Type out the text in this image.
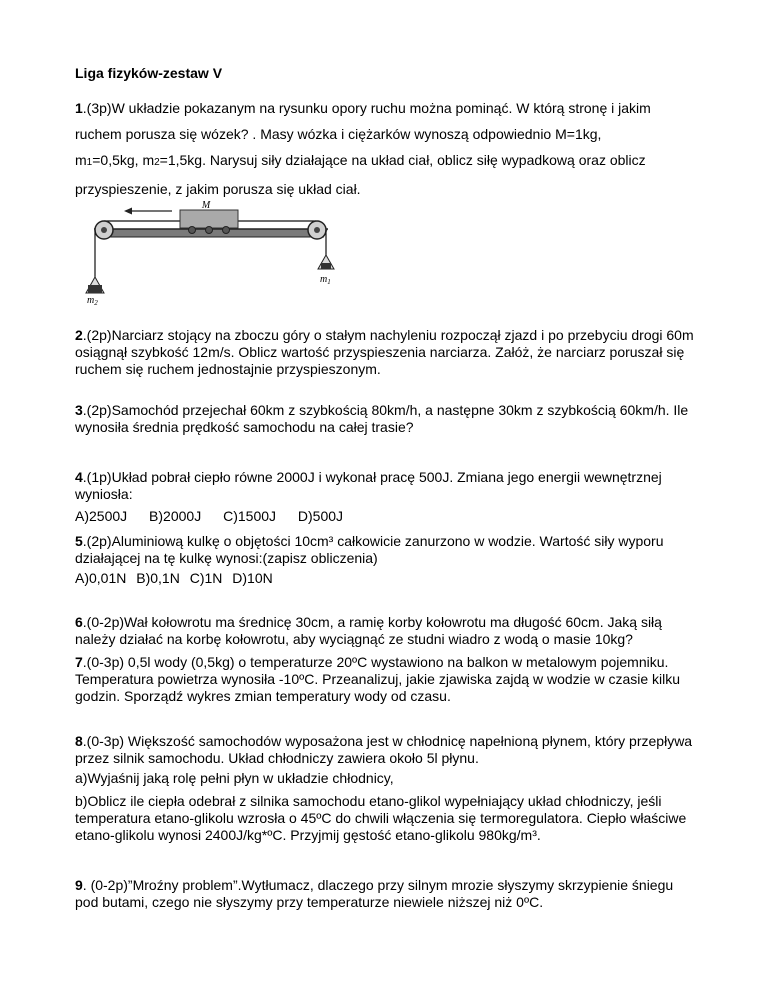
Liga fizyków-zestaw V
1.(3p)W układzie pokazanym na rysunku opory ruchu można pominąć. W którą stronę i jakim
ruchem porusza się wózek? . Masy wózka i ciężarków wynoszą odpowiednio M=1kg,
m1=0,5kg, m2=1,5kg. Narysuj siły działające na układ ciał, oblicz siłę wypadkową oraz oblicz
przyspieszenie, z jakim porusza się układ ciał.
M
$m_1$
$m_2$
2.(2p)Narciarz stojący na zboczu góry o stałym nachyleniu rozpoczął zjazd i po przebyciu drogi 60m osiągnął szybkość 12m/s. Oblicz wartość przyspieszenia narciarza. Załóż, że narciarz poruszał się ruchem się ruchem jednostajnie przyspieszonym.
3.(2p)Samochód przejechał 60km z szybkością 80km/h, a następne 30km z szybkością 60km/h. Ile wynosiła średnia prędkość samochodu na całej trasie?
4.(1p)Układ pobrał ciepło równe 2000J i wykonał pracę 500J. Zmiana jego energii wewnętrznej wyniosła:
A)2500J B)2000J C)1500J D)500J
5.(2p)Aluminiową kulkę o objętości 10cm³ całkowicie zanurzono w wodzie. Wartość siły wyporu działającej na tę kulkę wynosi:(zapisz obliczenia)
A)0,01N B)0,1N C)1N D)10N
6.(0-2p)Wał kołowrotu ma średnicę 30cm, a ramię korby kołowrotu ma długość 60cm. Jaką siłą należy działać na korbę kołowrotu, aby wyciągnąć ze studni wiadro z wodą o masie 10kg?
7.(0-3p) 0,5l wody (0,5kg) o temperaturze 20ºC wystawiono na balkon w metalowym pojemniku. Temperatura powietrza wynosiła -10ºC. Przeanalizuj, jakie zjawiska zajdą w wodzie w czasie kilku godzin. Sporządź wykres zmian temperatury wody od czasu.
8.(0-3p) Większość samochodów wyposażona jest w chłodnicę napełnioną płynem, który przepływa przez silnik samochodu. Układ chłodniczy zawiera około 5l płynu.
a)Wyjaśnij jaką rolę pełni płyn w układzie chłodnicy,
b)Oblicz ile ciepła odebrał z silnika samochodu etano-glikol wypełniający układ chłodniczy, jeśli temperatura etano-glikolu wzrosła o 45ºC do chwili włączenia się termoregulatora. Ciepło właściwe etano-glikolu wynosi 2400J/kg*ºC. Przyjmij gęstość etano-glikolu 980kg/m³.
9. (0-2p)”Mroźny problem”.Wytłumacz, dlaczego przy silnym mrozie słyszymy skrzypienie śniegu pod butami, czego nie słyszymy przy temperaturze niewiele niższej niż 0ºC.
